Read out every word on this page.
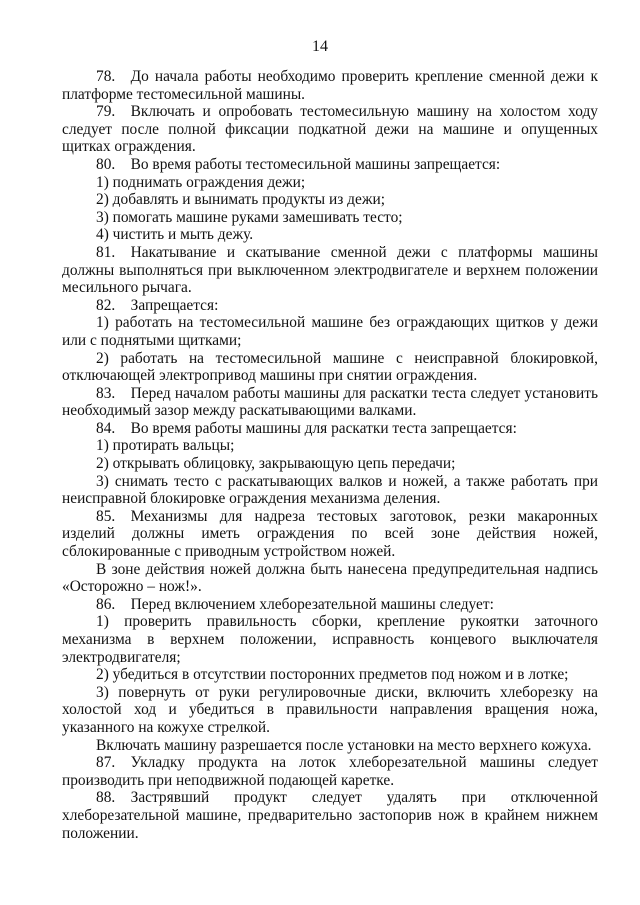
14

78. До начала работы необходимо проверить крепление сменной дежи к платформе тестомесильной машины.

79. Включать и опробовать тестомесильную машину на холостом ходу следует после полной фиксации подкатной дежи на машине и опущенных щитках ограждения.

80. Во время работы тестомесильной машины запрещается:

1) поднимать ограждения дежи;

2) добавлять и вынимать продукты из дежи;

3) помогать машине руками замешивать тесто;

4) чистить и мыть дежу.

81. Накатывание и скатывание сменной дежи с платформы машины должны выполняться при выключенном электродвигателе и верхнем положении месильного рычага.

82. Запрещается:

1) работать на тестомесильной машине без ограждающих щитков у дежи или с поднятыми щитками;

2) работать на тестомесильной машине с неисправной блокировкой, отключающей электропривод машины при снятии ограждения.

83. Перед началом работы машины для раскатки теста следует установить необходимый зазор между раскатывающими валками.

84. Во время работы машины для раскатки теста запрещается:

1) протирать вальцы;

2) открывать облицовку, закрывающую цепь передачи;

3) снимать тесто с раскатывающих валков и ножей, а также работать при неисправной блокировке ограждения механизма деления.

85. Механизмы для надреза тестовых заготовок, резки макаронных изделий должны иметь ограждения по всей зоне действия ножей, сблокированные с приводным устройством ножей.

В зоне действия ножей должна быть нанесена предупредительная надпись «Осторожно – нож!».

86. Перед включением хлеборезательной машины следует:

1) проверить правильность сборки, крепление рукоятки заточного механизма в верхнем положении, исправность концевого выключателя электродвигателя;

2) убедиться в отсутствии посторонних предметов под ножом и в лотке;

3) повернуть от руки регулировочные диски, включить хлеборезку на холостой ход и убедиться в правильности направления вращения ножа, указанного на кожухе стрелкой.

Включать машину разрешается после установки на место верхнего кожуха.

87. Укладку продукта на лоток хлеборезательной машины следует производить при неподвижной подающей каретке.

88. Застрявший продукт следует удалять при отключенной хлеборезательной машине, предварительно застопорив нож в крайнем нижнем положении.
